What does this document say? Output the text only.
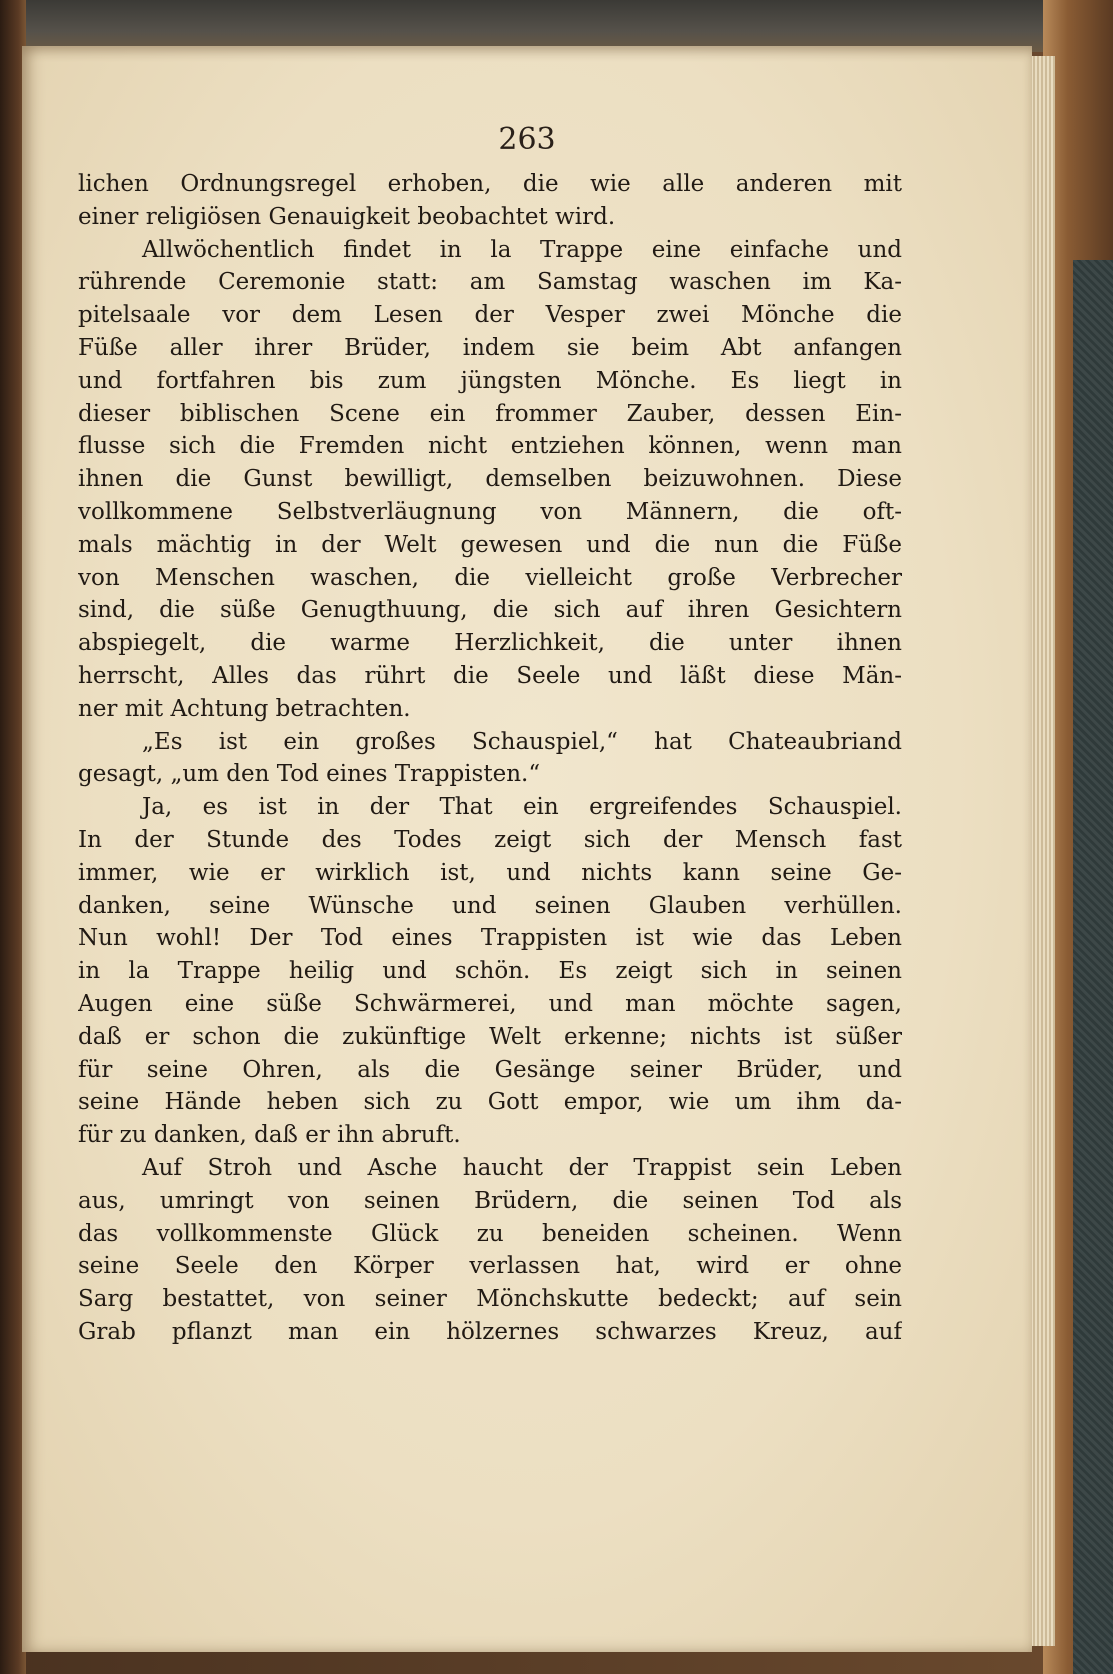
263
lichen Ordnungsregel erhoben, die wie alle anderen mit
einer religiösen Genauigkeit beobachtet wird.
Allwöchentlich findet in la Trappe eine einfache und
rührende Ceremonie statt: am Samstag waschen im Ka-
pitelsaale vor dem Lesen der Vesper zwei Mönche die
Füße aller ihrer Brüder, indem sie beim Abt anfangen
und fortfahren bis zum jüngsten Mönche. Es liegt in
dieser biblischen Scene ein frommer Zauber, dessen Ein-
flusse sich die Fremden nicht entziehen können, wenn man
ihnen die Gunst bewilligt, demselben beizuwohnen. Diese
vollkommene Selbstverläugnung von Männern, die oft-
mals mächtig in der Welt gewesen und die nun die Füße
von Menschen waschen, die vielleicht große Verbrecher
sind, die süße Genugthuung, die sich auf ihren Gesichtern
abspiegelt, die warme Herzlichkeit, die unter ihnen
herrscht, Alles das rührt die Seele und läßt diese Män-
ner mit Achtung betrachten.
„Es ist ein großes Schauspiel,“ hat Chateaubriand
gesagt, „um den Tod eines Trappisten.“
Ja, es ist in der That ein ergreifendes Schauspiel.
In der Stunde des Todes zeigt sich der Mensch fast
immer, wie er wirklich ist, und nichts kann seine Ge-
danken, seine Wünsche und seinen Glauben verhüllen.
Nun wohl! Der Tod eines Trappisten ist wie das Leben
in la Trappe heilig und schön. Es zeigt sich in seinen
Augen eine süße Schwärmerei, und man möchte sagen,
daß er schon die zukünftige Welt erkenne; nichts ist süßer
für seine Ohren, als die Gesänge seiner Brüder, und
seine Hände heben sich zu Gott empor, wie um ihm da-
für zu danken, daß er ihn abruft.
Auf Stroh und Asche haucht der Trappist sein Leben
aus, umringt von seinen Brüdern, die seinen Tod als
das vollkommenste Glück zu beneiden scheinen. Wenn
seine Seele den Körper verlassen hat, wird er ohne
Sarg bestattet, von seiner Mönchskutte bedeckt; auf sein
Grab pflanzt man ein hölzernes schwarzes Kreuz, auf
